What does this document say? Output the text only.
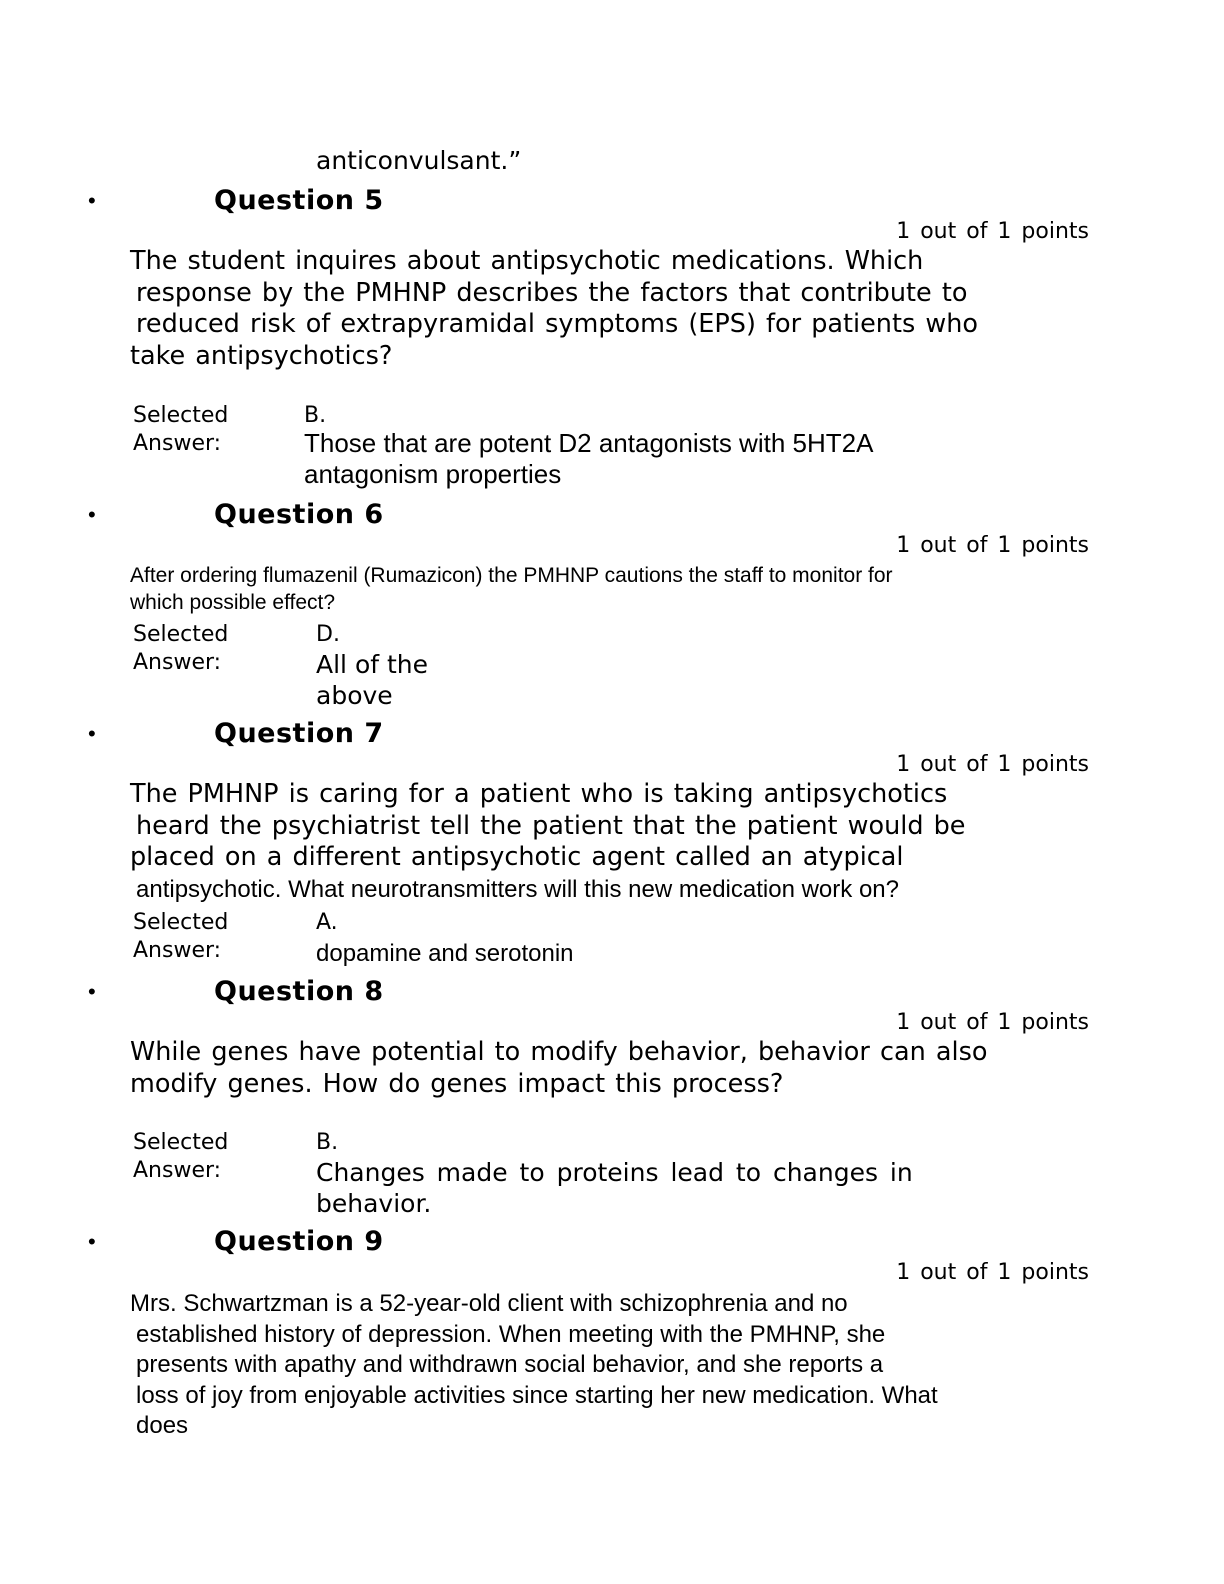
anticonvulsant.”
•	Question 5
1 out of 1 points
The student inquires about antipsychotic medications. Which
response by the PMHNP describes the factors that contribute to
reduced risk of extrapyramidal symptoms (EPS) for patients who
take antipsychotics?
Selected
Answer:
B.
Those that are potent D2 antagonists with 5HT2A
antagonism properties
•	Question 6
1 out of 1 points
After ordering flumazenil (Rumazicon) the PMHNP cautions the staff to monitor for
which possible effect?
Selected
Answer:
D.
All of the
above
•	Question 7
1 out of 1 points
The PMHNP is caring for a patient who is taking antipsychotics
heard the psychiatrist tell the patient that the patient would be
placed on a different antipsychotic agent called an atypical
antipsychotic. What neurotransmitters will this new medication work on?
Selected
Answer:
A.
dopamine and serotonin
•	Question 8
1 out of 1 points
While genes have potential to modify behavior, behavior can also
modify genes. How do genes impact this process?
Selected
Answer:
B.
Changes made to proteins lead to changes in
behavior.
•	Question 9
1 out of 1 points
Mrs. Schwartzman is a 52-year-old client with schizophrenia and no
established history of depression. When meeting with the PMHNP, she
presents with apathy and withdrawn social behavior, and she reports a
loss of joy from enjoyable activities since starting her new medication. What
does
